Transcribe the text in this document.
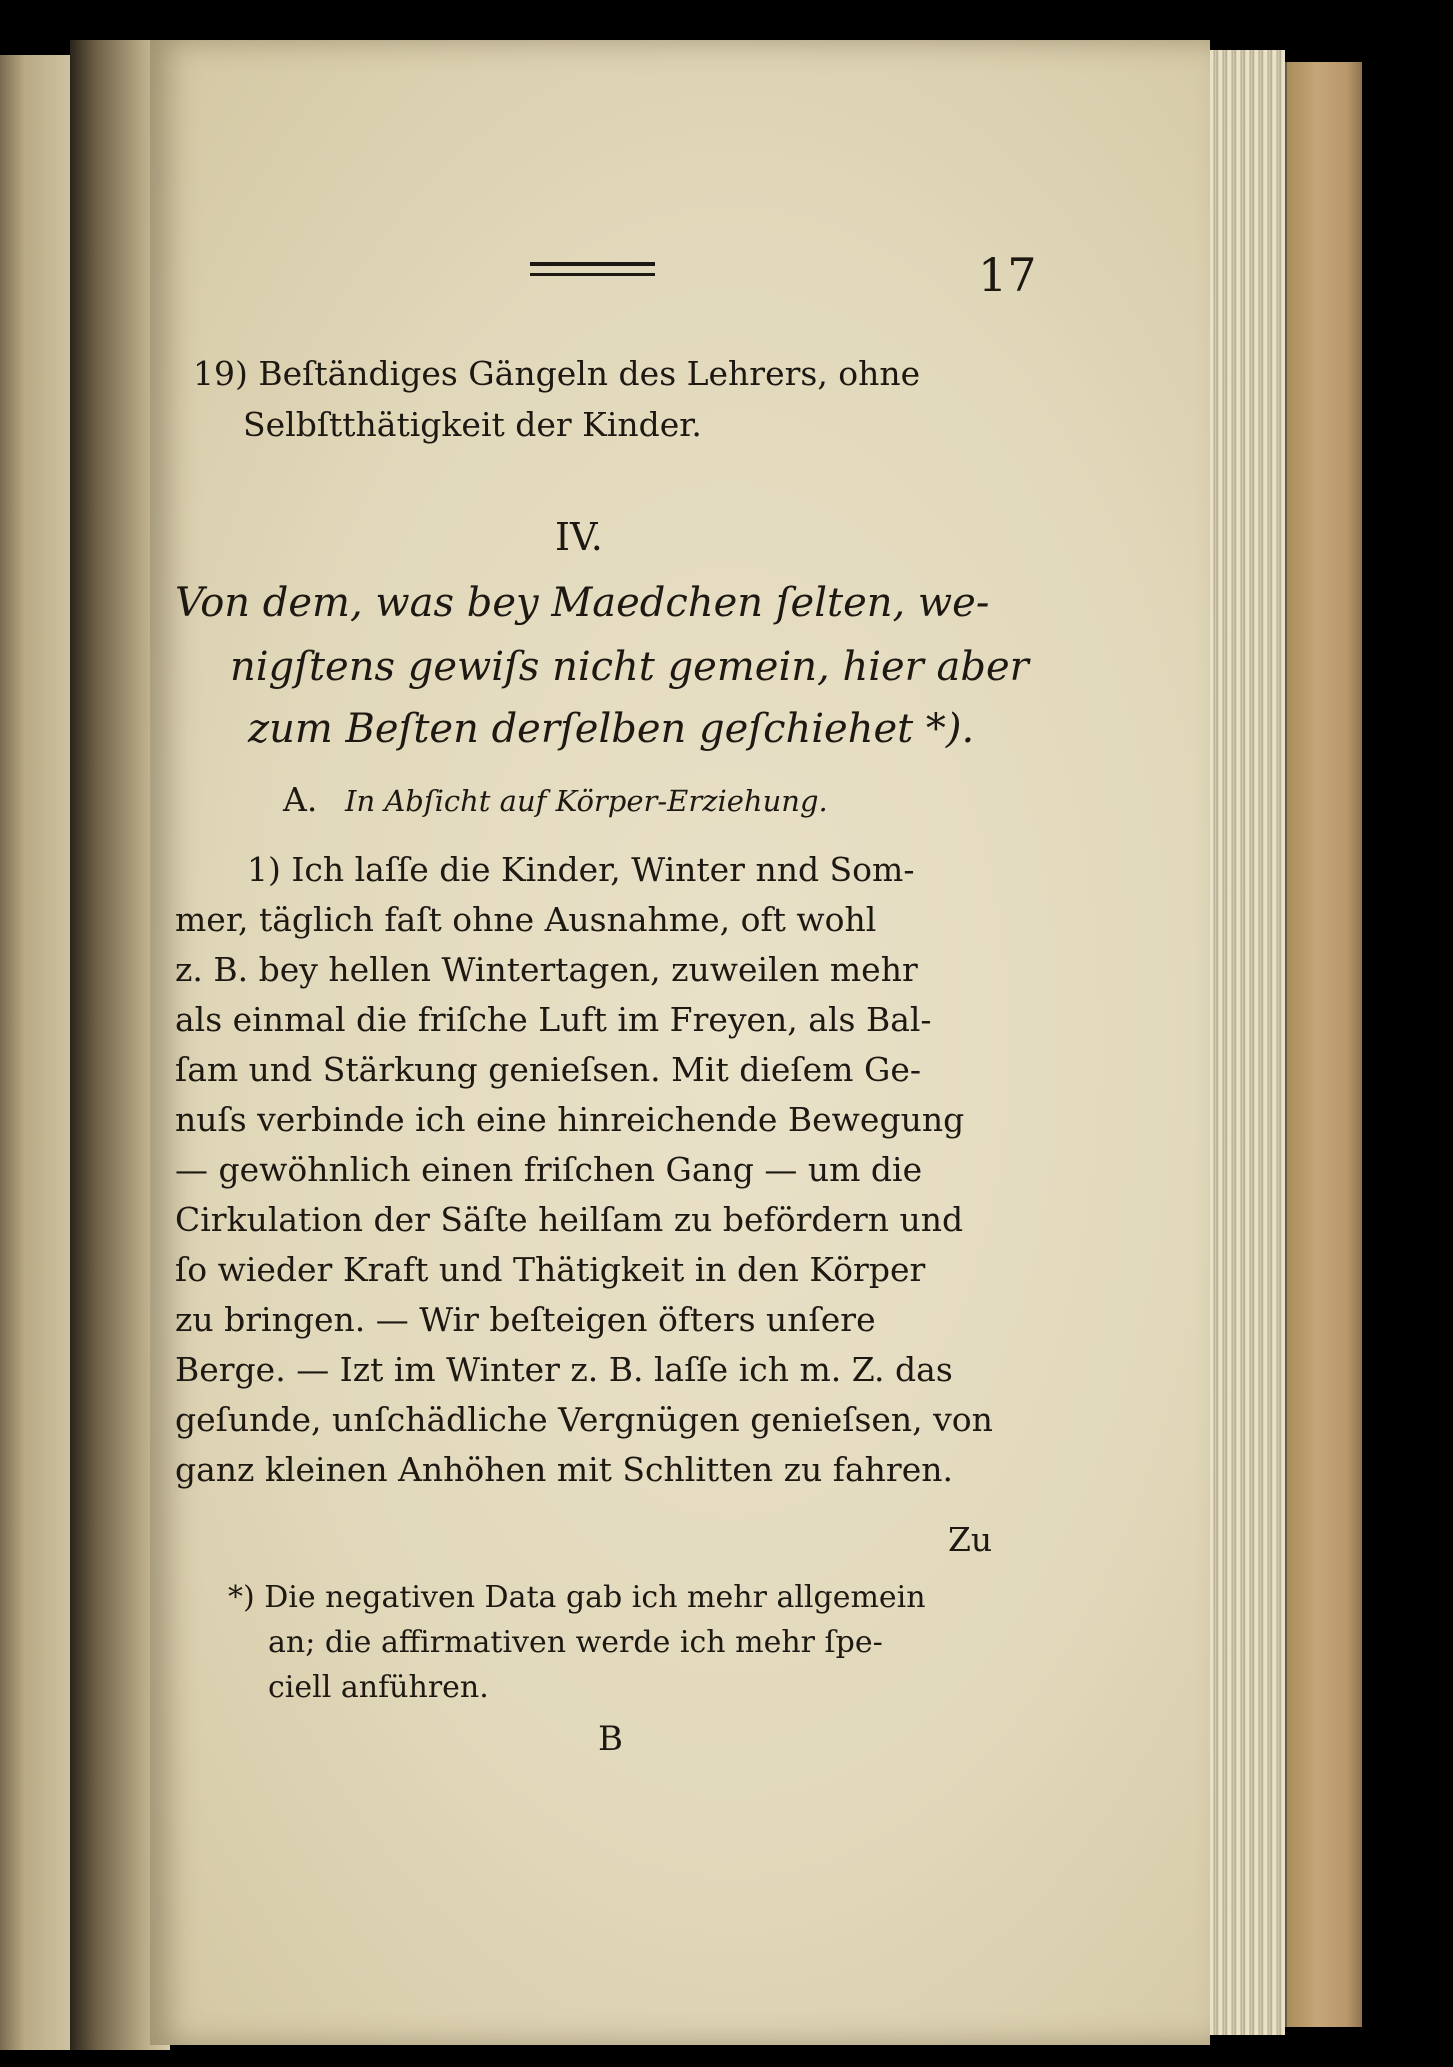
17
19) Beſtändiges Gängeln des Lehrers, ohne
Selbſtthätigkeit der Kinder.
IV.
Von dem, was bey Maedchen ſelten, we-
nigſtens gewiſs nicht gemein, hier aber
zum Beſten derſelben geſchiehet *).
A. In Abſicht auf Körper-Erziehung.
1) Ich laſſe die Kinder, Winter nnd Som-
mer, täglich faſt ohne Ausnahme, oft wohl
z. B. bey hellen Wintertagen, zuweilen mehr
als einmal die friſche Luft im Freyen, als Bal-
ſam und Stärkung genieſsen. Mit dieſem Ge-
nuſs verbinde ich eine hinreichende Bewegung
— gewöhnlich einen friſchen Gang — um die
Cirkulation der Säſte heilſam zu befördern und
ſo wieder Kraft und Thätigkeit in den Körper
zu bringen. — Wir beſteigen öfters unſere
Berge. — Izt im Winter z. B. laſſe ich m. Z. das
geſunde, unſchädliche Vergnügen genieſsen, von
ganz kleinen Anhöhen mit Schlitten zu fahren.
Zu
*) Die negativen Data gab ich mehr allgemein
an; die affirmativen werde ich mehr ſpe-
ciell anführen.
B
